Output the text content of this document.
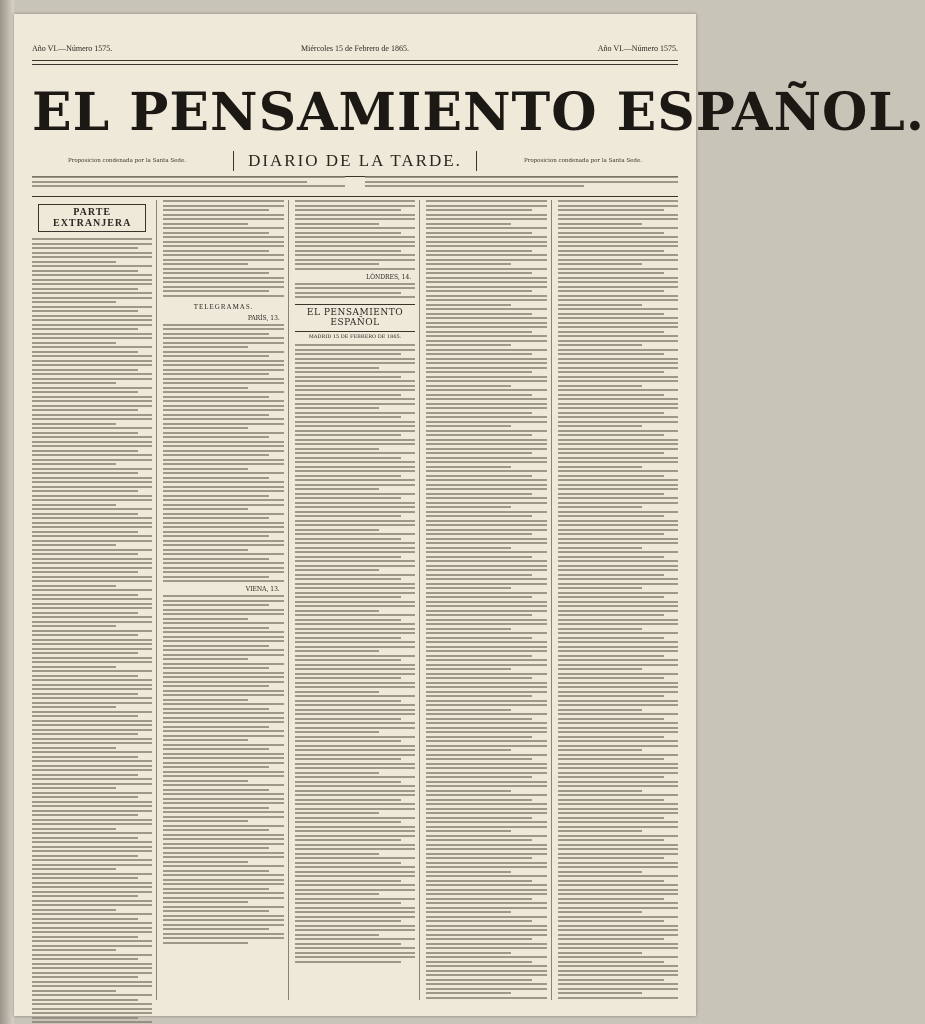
Año VI.—Número 1575.	Miércoles 15 de Febrero de 1865.	Año VI.—Número 1575.
EL PENSAMIENTO ESPAÑOL.
Proposicion condenada por la Santa Sede.	DIARIO DE LA TARDE.	Proposicion condenada por la Santa Sede.
PARTE EXTRANJERA
TELEGRAMAS.
PARÍS, 13.
VIENA, 13.
LÓNDRES, 14.
EL PENSAMIENTO ESPAÑOL
MADRID 15 DE FEBRERO DE 1865.
